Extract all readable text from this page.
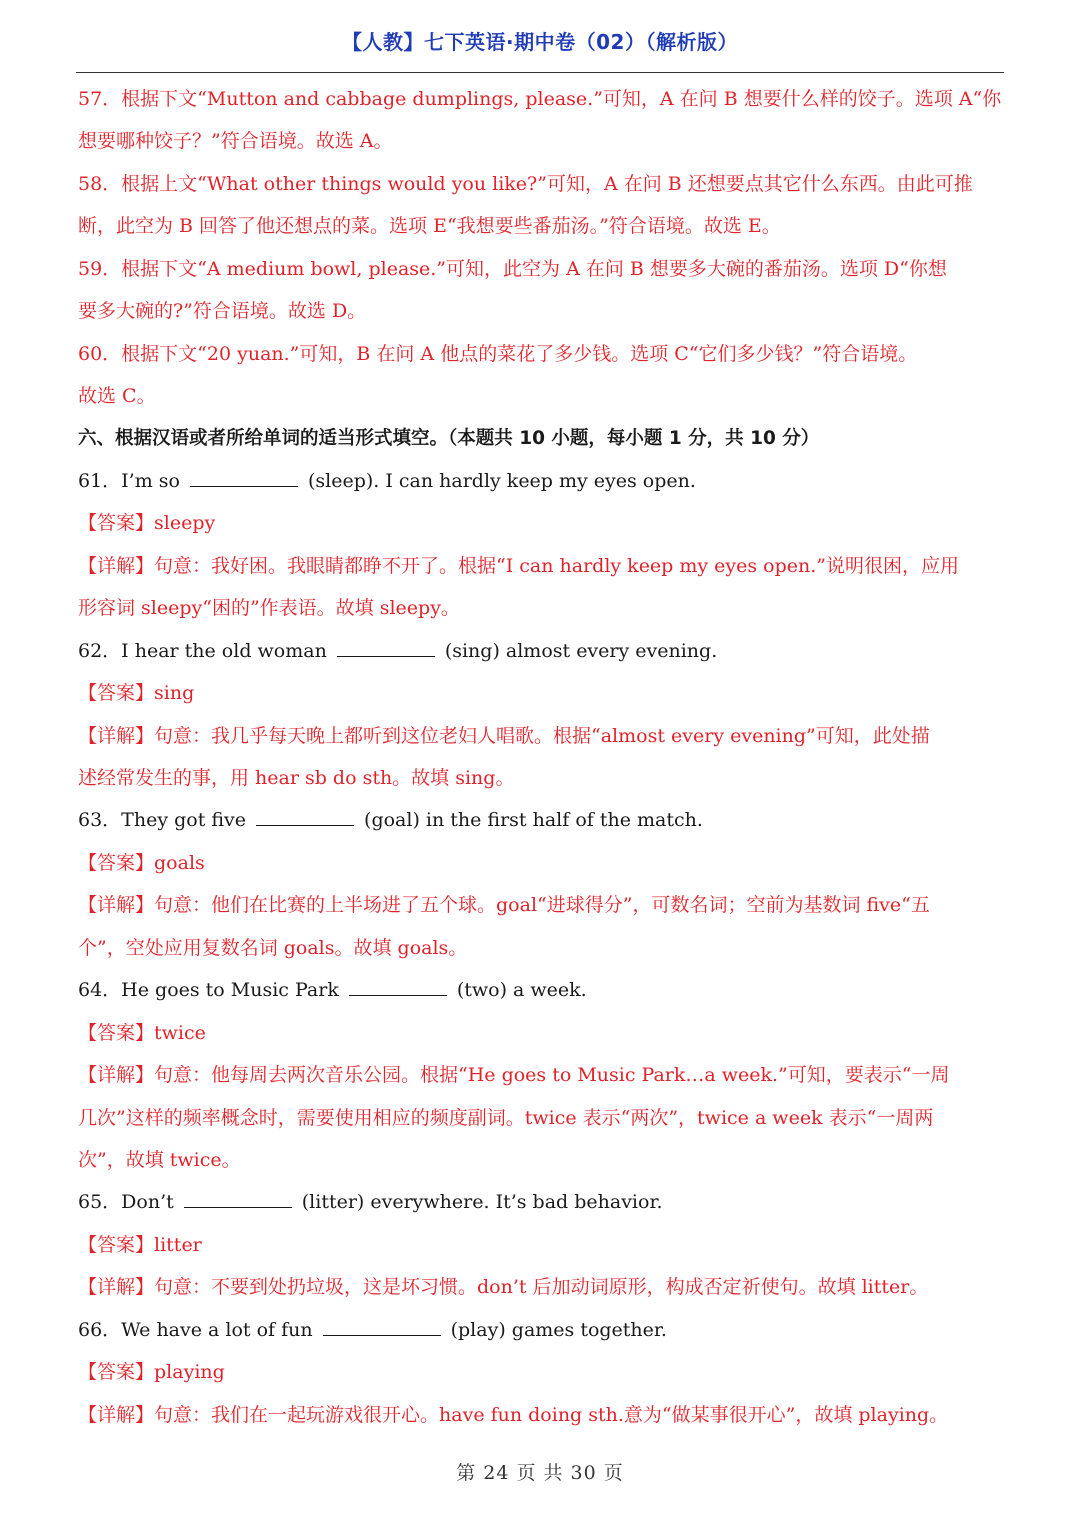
【人教】七下英语·期中卷（02）（解析版）
57．根据下文“Mutton and cabbage dumplings, please.”可知，A 在问 B 想要什么样的饺子。选项 A“你
想要哪种饺子？”符合语境。故选 A。
58．根据上文“What other things would you like?”可知，A 在问 B 还想要点其它什么东西。由此可推
断，此空为 B 回答了他还想点的菜。选项 E“我想要些番茄汤。”符合语境。故选 E。
59．根据下文“A medium bowl, please.”可知，此空为 A 在问 B 想要多大碗的番茄汤。选项 D“你想
要多大碗的?”符合语境。故选 D。
60．根据下文“20 yuan.”可知，B 在问 A 他点的菜花了多少钱。选项 C“它们多少钱？”符合语境。
故选 C。
六、根据汉语或者所给单词的适当形式填空。（本题共 10 小题，每小题 1 分，共 10 分）
61．I’m so	(sleep). I can hardly keep my eyes open.
【答案】sleepy
【详解】句意：我好困。我眼睛都睁不开了。根据“I can hardly keep my eyes open.”说明很困，应用
形容词 sleepy“困的”作表语。故填 sleepy。
62．I hear the old woman	(sing) almost every evening.
【答案】sing
【详解】句意：我几乎每天晚上都听到这位老妇人唱歌。根据“almost every evening”可知，此处描
述经常发生的事，用 hear sb do sth。故填 sing。
63．They got five	(goal) in the first half of the match.
【答案】goals
【详解】句意：他们在比赛的上半场进了五个球。goal“进球得分”，可数名词；空前为基数词 five“五
个”，空处应用复数名词 goals。故填 goals。
64．He goes to Music Park	(two) a week.
【答案】twice
【详解】句意：他每周去两次音乐公园。根据“He goes to Music Park…a week.”可知，要表示“一周
几次”这样的频率概念时，需要使用相应的频度副词。twice 表示“两次”，twice a week 表示“一周两
次”，故填 twice。
65．Don’t	(litter) everywhere. It’s bad behavior.
【答案】litter
【详解】句意：不要到处扔垃圾，这是坏习惯。don’t 后加动词原形，构成否定祈使句。故填 litter。
66．We have a lot of fun	(play) games together.
【答案】playing
【详解】句意：我们在一起玩游戏很开心。have fun doing sth.意为“做某事很开心”，故填 playing。
第 24 页 共 30 页
